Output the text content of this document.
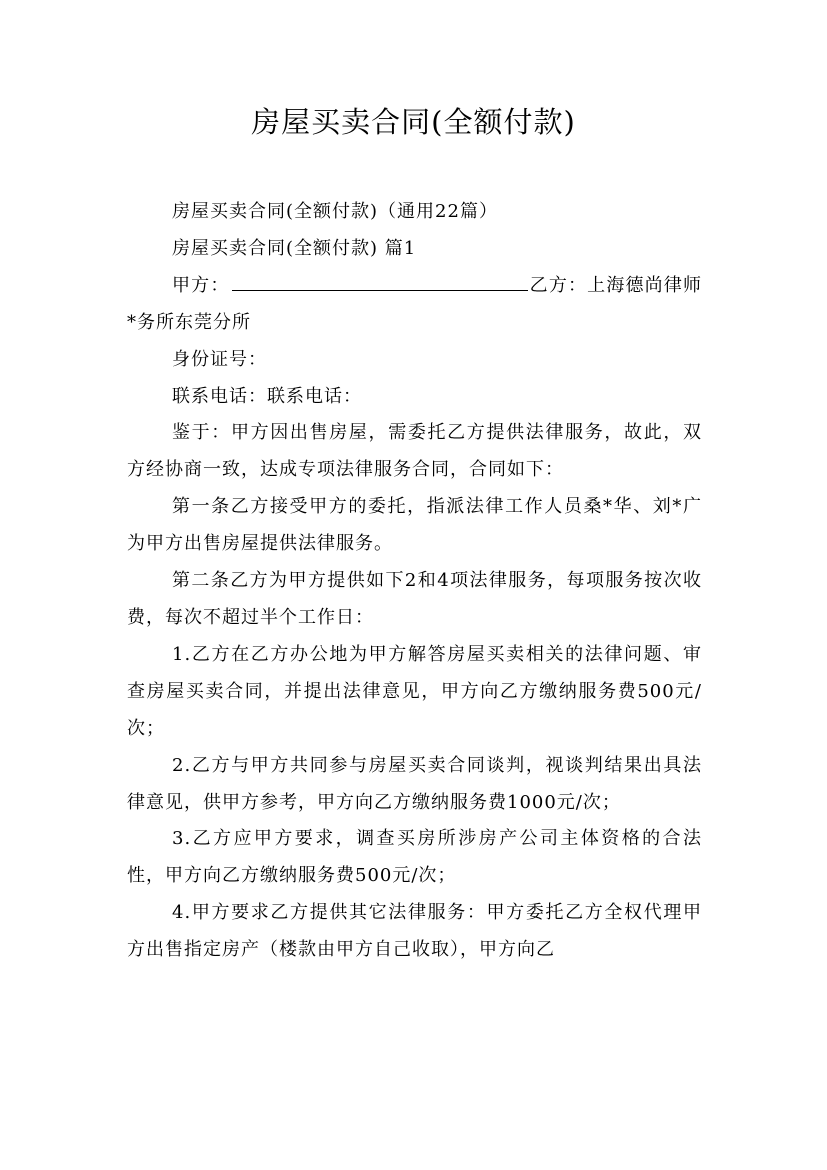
房屋买卖合同(全额付款)

房屋买卖合同(全额付款)（通用22篇）

房屋买卖合同(全额付款) 篇1

甲方：	乙方：上海德尚律师*务所东莞分所

身份证号：

联系电话：联系电话：

鉴于：甲方因出售房屋，需委托乙方提供法律服务，故此，双方经协商一致，达成专项法律服务合同，合同如下：

第一条乙方接受甲方的委托，指派法律工作人员桑*华、刘*广为甲方出售房屋提供法律服务。

第二条乙方为甲方提供如下2和4项法律服务，每项服务按次收费，每次不超过半个工作日：

1.乙方在乙方办公地为甲方解答房屋买卖相关的法律问题、审查房屋买卖合同，并提出法律意见，甲方向乙方缴纳服务费500元/次；

2.乙方与甲方共同参与房屋买卖合同谈判，视谈判结果出具法律意见，供甲方参考，甲方向乙方缴纳服务费1000元/次；

3.乙方应甲方要求，调查买房所涉房产公司主体资格的合法性，甲方向乙方缴纳服务费500元/次；

4.甲方要求乙方提供其它法律服务：甲方委托乙方全权代理甲方出售指定房产（楼款由甲方自己收取），甲方向乙
